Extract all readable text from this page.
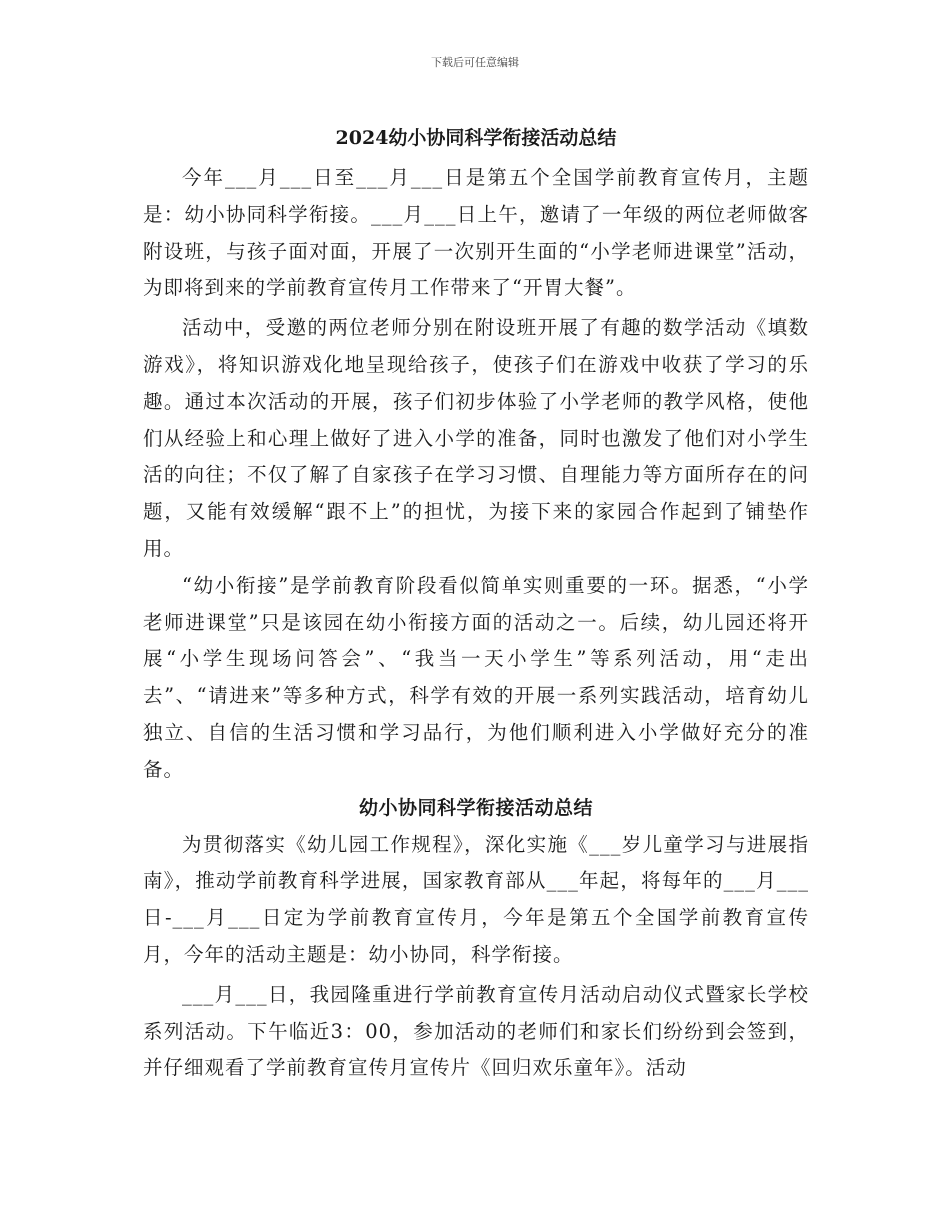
下载后可任意编辑
2024幼小协同科学衔接活动总结

今年___月___日至___月___日是第五个全国学前教育宣传月，主题是：幼小协同科学衔接。___月___日上午，邀请了一年级的两位老师做客附设班，与孩子面对面，开展了一次别开生面的“小学老师进课堂”活动，为即将到来的学前教育宣传月工作带来了“开胃大餐”。

活动中，受邀的两位老师分别在附设班开展了有趣的数学活动《填数游戏》，将知识游戏化地呈现给孩子，使孩子们在游戏中收获了学习的乐趣。通过本次活动的开展，孩子们初步体验了小学老师的教学风格，使他们从经验上和心理上做好了进入小学的准备，同时也激发了他们对小学生活的向往；不仅了解了自家孩子在学习习惯、自理能力等方面所存在的问题，又能有效缓解“跟不上”的担忧，为接下来的家园合作起到了铺垫作用。

“幼小衔接”是学前教育阶段看似简单实则重要的一环。据悉，“小学老师进课堂”只是该园在幼小衔接方面的活动之一。后续，幼儿园还将开展“小学生现场问答会”、“我当一天小学生”等系列活动，用“走出去”、“请进来”等多种方式，科学有效的开展一系列实践活动，培育幼儿独立、自信的生活习惯和学习品行，为他们顺利进入小学做好充分的准备。

幼小协同科学衔接活动总结

为贯彻落实《幼儿园工作规程》，深化实施《___岁儿童学习与进展指南》，推动学前教育科学进展，国家教育部从___年起，将每年的___月___日-___月___日定为学前教育宣传月，今年是第五个全国学前教育宣传月，今年的活动主题是：幼小协同，科学衔接。

___月___日，我园隆重进行学前教育宣传月活动启动仪式暨家长学校系列活动。下午临近3：00，参加活动的老师们和家长们纷纷到会签到，并仔细观看了学前教育宣传月宣传片《回归欢乐童年》。活动
